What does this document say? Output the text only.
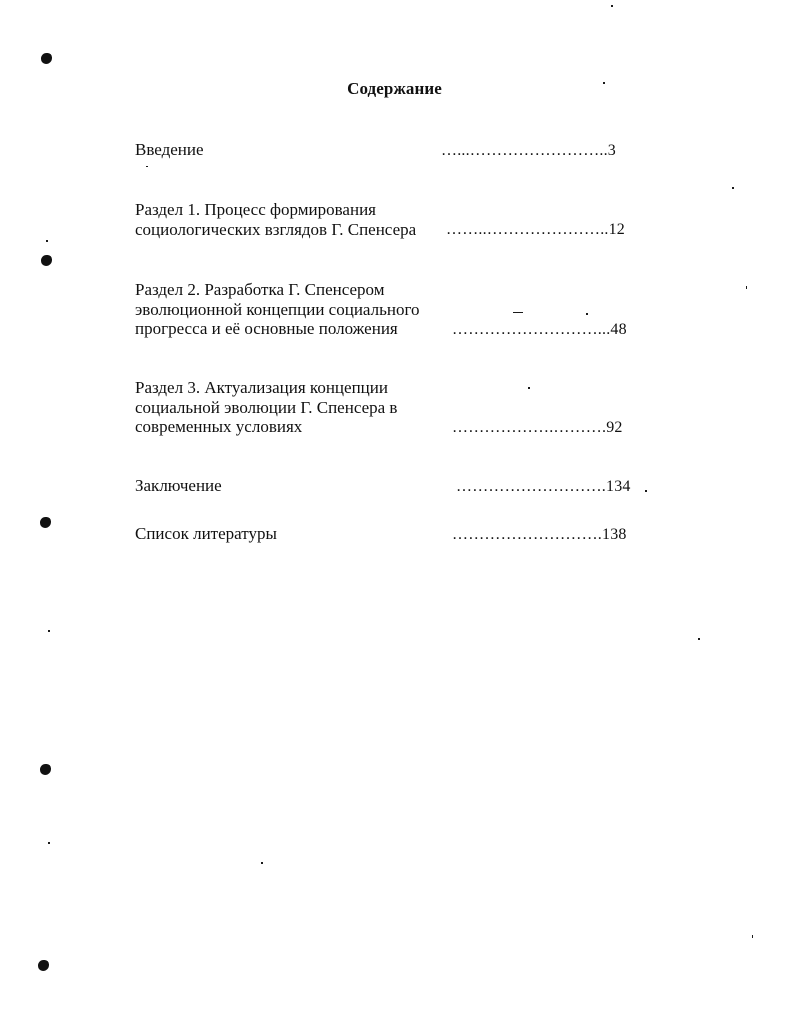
Содержание
Введение	…...……………………..3
Раздел 1. Процесс формирования
социологических взглядов Г. Спенсера ……..…………………..12
Раздел 2. Разработка Г. Спенсером
эволюционной концепции социального
прогресса и её основные положения	………………………...48
Раздел 3. Актуализация концепции
социальной эволюции Г. Спенсера в
современных условиях	……………….……….92
Заключение	……………………….134
Список литературы	……………………….138
